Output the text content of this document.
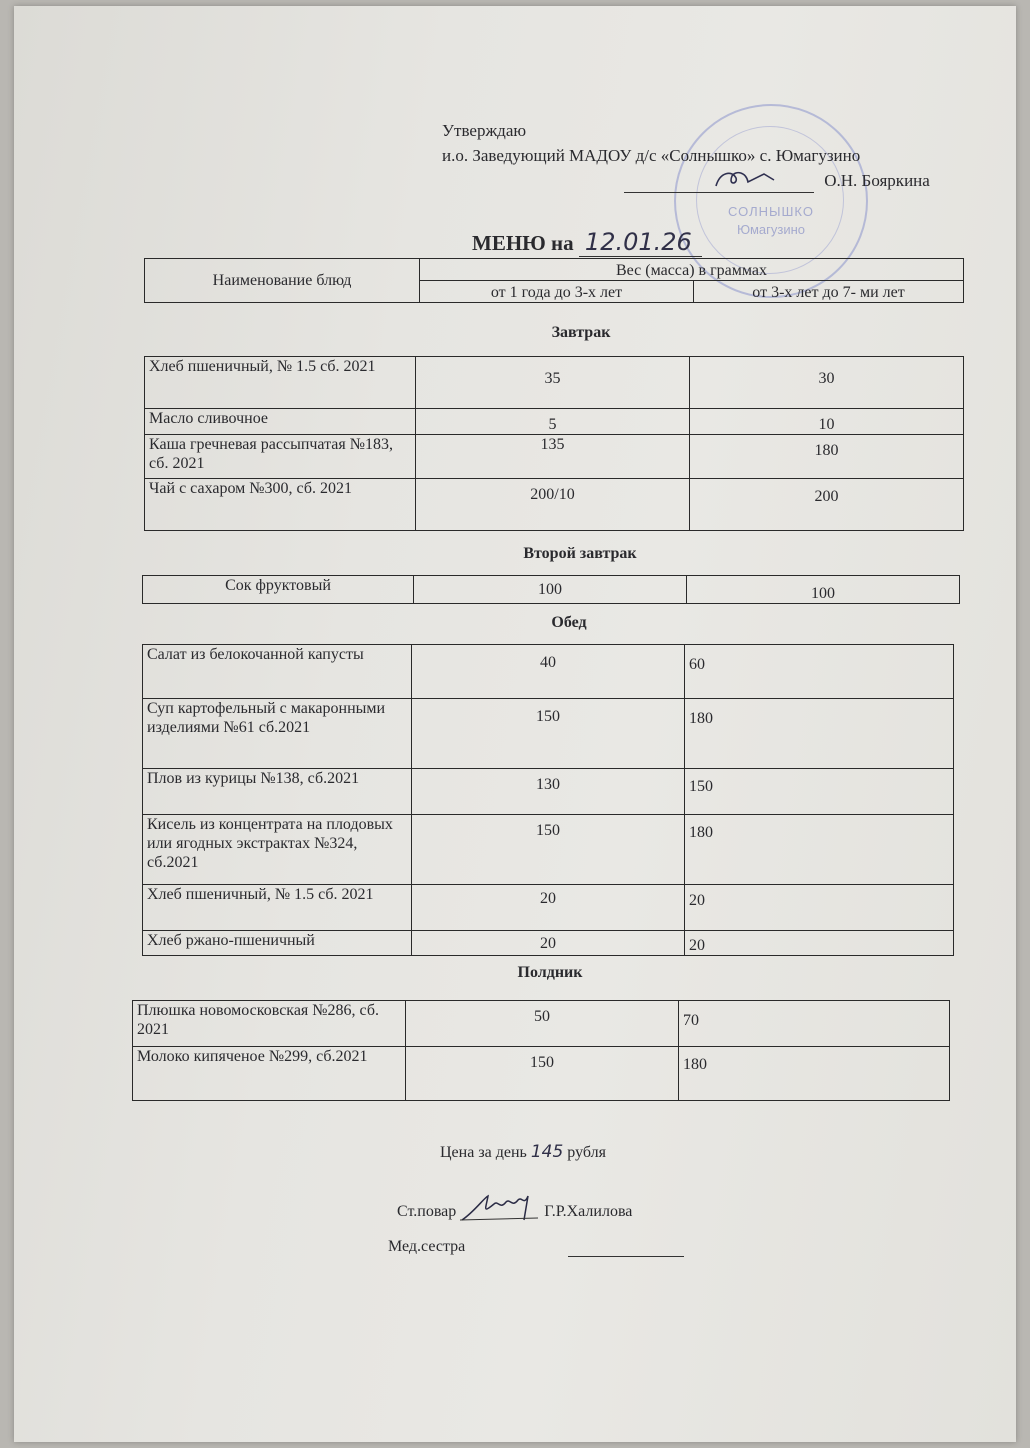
СОЛНЫШКО
Юмагузино
Утверждаю
и.о. Заведующий МАДОУ д/с «Солнышко» с. Юмагузино
О.Н. Бояркина
МЕНЮ на 12.01.26
Наименование блюд	Вес (масса) в граммах	
	от 1 года до 3-х лет	от 3-х лет до 7- ми лет
Завтрак
Хлеб пшеничный, № 1.5 сб. 2021	35	30
Масло сливочное	5	10
Каша гречневая рассыпчатая №183, сб. 2021	135	180
Чай с сахаром №300, сб. 2021	200/10	200
Второй завтрак
Сок фруктовый	100	100
Обед
Салат из белокочанной капусты	40	60
Суп картофельный с макаронными изделиями №61 сб.2021	150	180
Плов из курицы №138, сб.2021	130	150
Кисель из концентрата на плодовых или ягодных экстрактах №324, сб.2021	150	180
Хлеб пшеничный, № 1.5 сб. 2021	20	20
Хлеб ржано-пшеничный	20	20
Полдник
Плюшка новомосковская №286, сб. 2021	50	70
Молоко кипяченое №299, сб.2021	150	180
Цена за день 145 рубля
Ст.повар	Г.Р.Халилова
Мед.сестра
